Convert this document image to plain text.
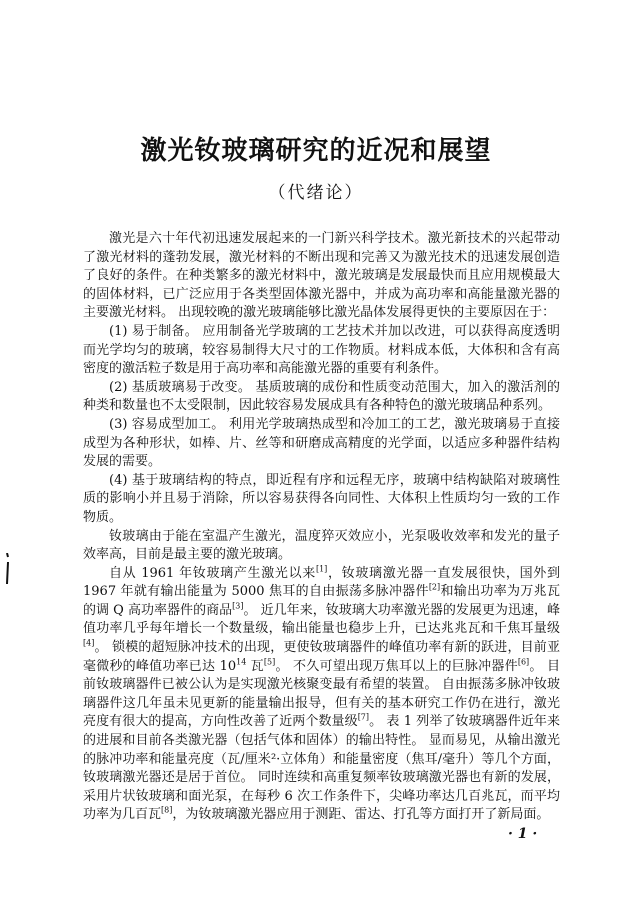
激光钕玻璃研究的近况和展望
（代绪论）

激光是六十年代初迅速发展起来的一门新兴科学技术。激光新技术的兴起带动了激光材料的蓬勃发展，激光材料的不断出现和完善又为激光技术的迅速发展创造了良好的条件。在种类繁多的激光材料中，激光玻璃是发展最快而且应用规模最大的固体材料，已广泛应用于各类型固体激光器中，并成为高功率和高能量激光器的主要激光材料。 出现较晚的激光玻璃能够比激光晶体发展得更快的主要原因在于：

(1) 易于制备。 应用制备光学玻璃的工艺技术并加以改进，可以获得高度透明而光学均匀的玻璃，较容易制得大尺寸的工作物质。材料成本低，大体积和含有高密度的激活粒子数是用于高功率和高能激光器的重要有利条件。

(2) 基质玻璃易于改变。 基质玻璃的成份和性质变动范围大，加入的激活剂的种类和数量也不太受限制，因此较容易发展成具有各种特色的激光玻璃品种系列。

(3) 容易成型加工。 利用光学玻璃热成型和冷加工的工艺，激光玻璃易于直接成型为各种形状，如棒、片、丝等和研磨成高精度的光学面，以适应多种器件结构发展的需要。

(4) 基于玻璃结构的特点，即近程有序和远程无序，玻璃中结构缺陷对玻璃性质的影响小并且易于消除，所以容易获得各向同性、大体积上性质均匀一致的工作物质。

钕玻璃由于能在室温产生激光，温度猝灭效应小，光泵吸收效率和发光的量子效率高，目前是最主要的激光玻璃。

自从 1961 年钕玻璃产生激光以来[1]，钕玻璃激光器一直发展很快，国外到 1967 年就有输出能量为 5000 焦耳的自由振荡多脉冲器件[2]和输出功率为万兆瓦的调 Q 高功率器件的商品[3]。 近几年来，钕玻璃大功率激光器的发展更为迅速，峰值功率几乎每年增长一个数量级，输出能量也稳步上升，已达兆兆瓦和千焦耳量级[4]。 锁模的超短脉冲技术的出现，更使钕玻璃器件的峰值功率有新的跃进，目前亚毫微秒的峰值功率已达 $10^{14}$ 瓦[5]。 不久可望出现万焦耳以上的巨脉冲器件[6]。 目前钕玻璃器件已被公认为是实现激光核聚变最有希望的装置。 自由振荡多脉冲钕玻璃器件这几年虽未见更新的能量输出报导，但有关的基本研究工作仍在进行，激光亮度有很大的提高，方向性改善了近两个数量级[7]。 表 1 列举了钕玻璃器件近年来的进展和目前各类激光器（包括气体和固体）的输出特性。 显而易见，从输出激光的脉冲功率和能量亮度（瓦/厘米²·立体角）和能量密度（焦耳/毫升）等几个方面，钕玻璃激光器还是居于首位。 同时连续和高重复频率钕玻璃激光器也有新的发展，采用片状钕玻璃和面光泵，在每秒 6 次工作条件下，尖峰功率达几百兆瓦，而平均功率为几百瓦[8]，为钕玻璃激光器应用于测距、雷达、打孔等方面打开了新局面。

· 1 ·
